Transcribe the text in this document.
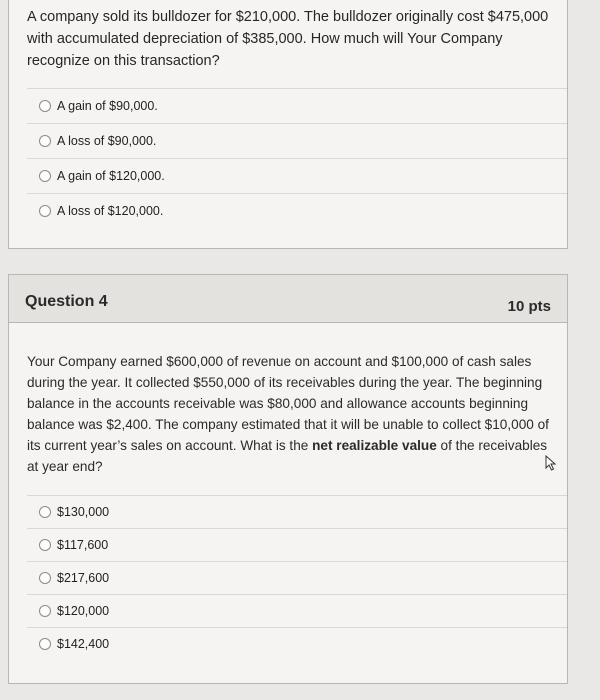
A company sold its bulldozer for $210,000. The bulldozer originally cost $475,000 with accumulated depreciation of $385,000. How much will Your Company recognize on this transaction?
A gain of $90,000.
A loss of $90,000.
A gain of $120,000.
A loss of $120,000.
Question 4	10 pts
Your Company earned $600,000 of revenue on account and $100,000 of cash sales during the year. It collected $550,000 of its receivables during the year. The beginning balance in the accounts receivable was $80,000 and allowance accounts beginning balance was $2,400. The company estimated that it will be unable to collect $10,000 of its current year’s sales on account. What is the net realizable value of the receivables at year end?
$130,000
$117,600
$217,600
$120,000
$142,400
